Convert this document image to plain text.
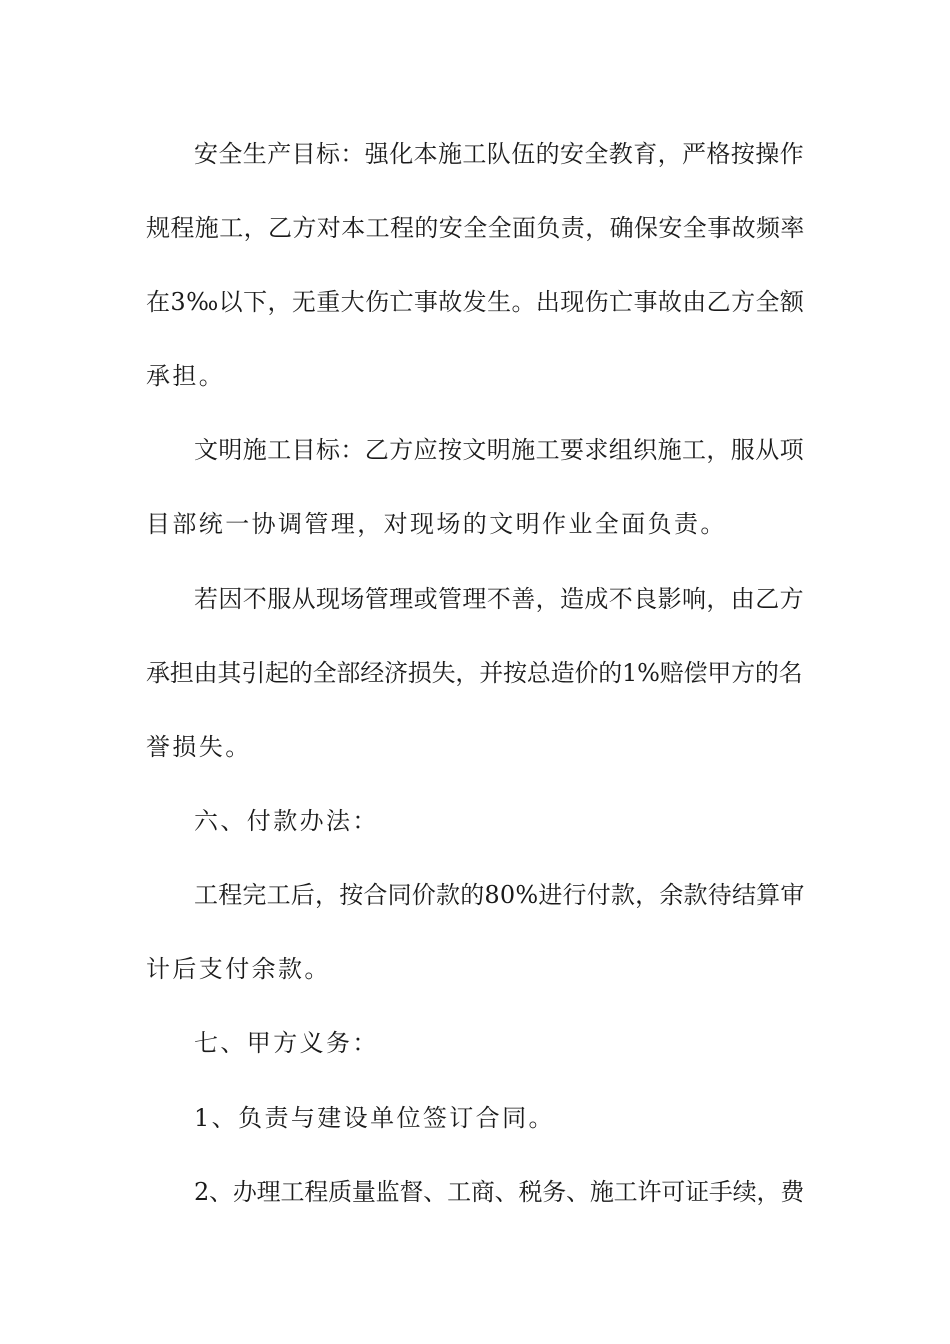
安全生产目标：强化本施工队伍的安全教育，严格按操作
规程施工，乙方对本工程的安全全面负责，确保安全事故频率
在3‰以下，无重大伤亡事故发生。出现伤亡事故由乙方全额
承担。
文明施工目标：乙方应按文明施工要求组织施工，服从项
目部统一协调管理，对现场的文明作业全面负责。
若因不服从现场管理或管理不善，造成不良影响，由乙方
承担由其引起的全部经济损失，并按总造价的1%赔偿甲方的名
誉损失。
六、付款办法：
工程完工后，按合同价款的80%进行付款，余款待结算审
计后支付余款。
七、甲方义务：
1、负责与建设单位签订合同。
2、办理工程质量监督、工商、税务、施工许可证手续，费
